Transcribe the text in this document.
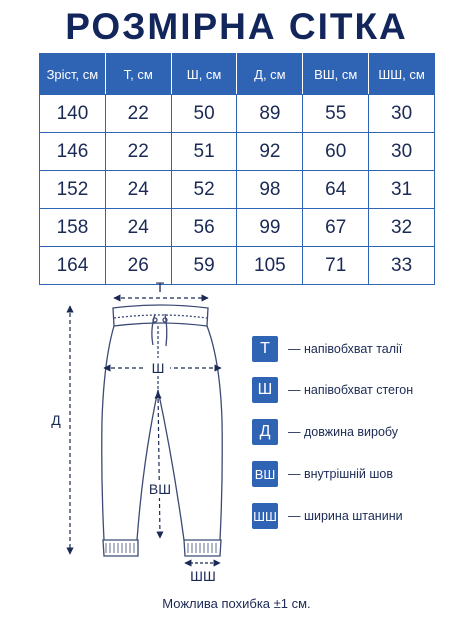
РОЗМІРНА СІТКА
Зріст, см	Т, см	Ш, см	Д, см	ВШ, см	ШШ, см
140	22	50	89	55	30
146	22	51	92	60	30
152	24	52	98	64	31
158	24	56	99	67	32
164	26	59	105	71	33
Т
Ш
Д
ВШ
ШШ
Т	— напівобхват талії
Ш	— напівобхват стегон
Д	— довжина виробу
ВШ — внутрішній шов
ШШ — ширина штанини
Можлива похибка ±1 см.
